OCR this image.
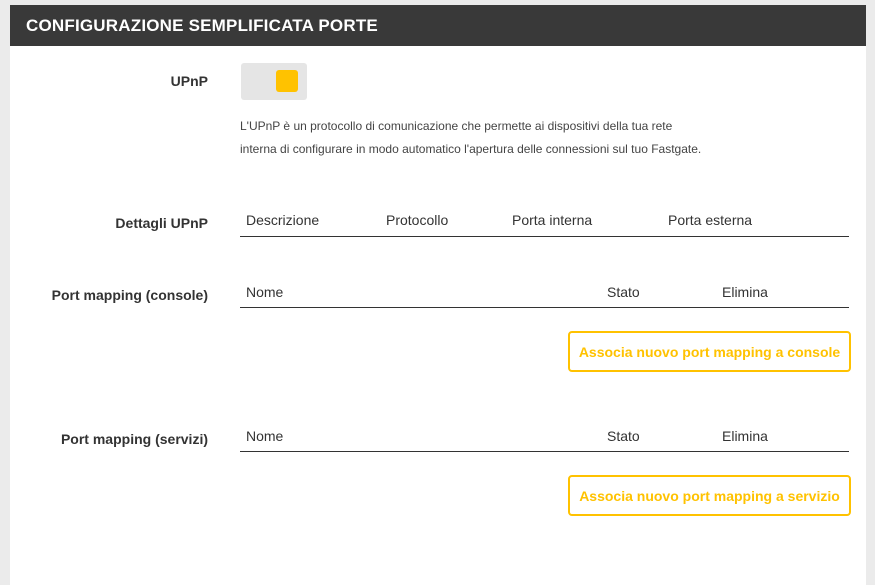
CONFIGURAZIONE SEMPLIFICATA PORTE
UPnP
L'UPnP è un protocollo di comunicazione che permette ai dispositivi della tua rete interna di configurare in modo automatico l'apertura delle connessioni sul tuo Fastgate.
Dettagli UPnP	Descrizione	Protocollo	Porta interna	Porta esterna
Port mapping (console)	Nome	Stato	Elimina
Associa nuovo port mapping a console
Port mapping (servizi)	Nome	Stato	Elimina
Associa nuovo port mapping a servizio
